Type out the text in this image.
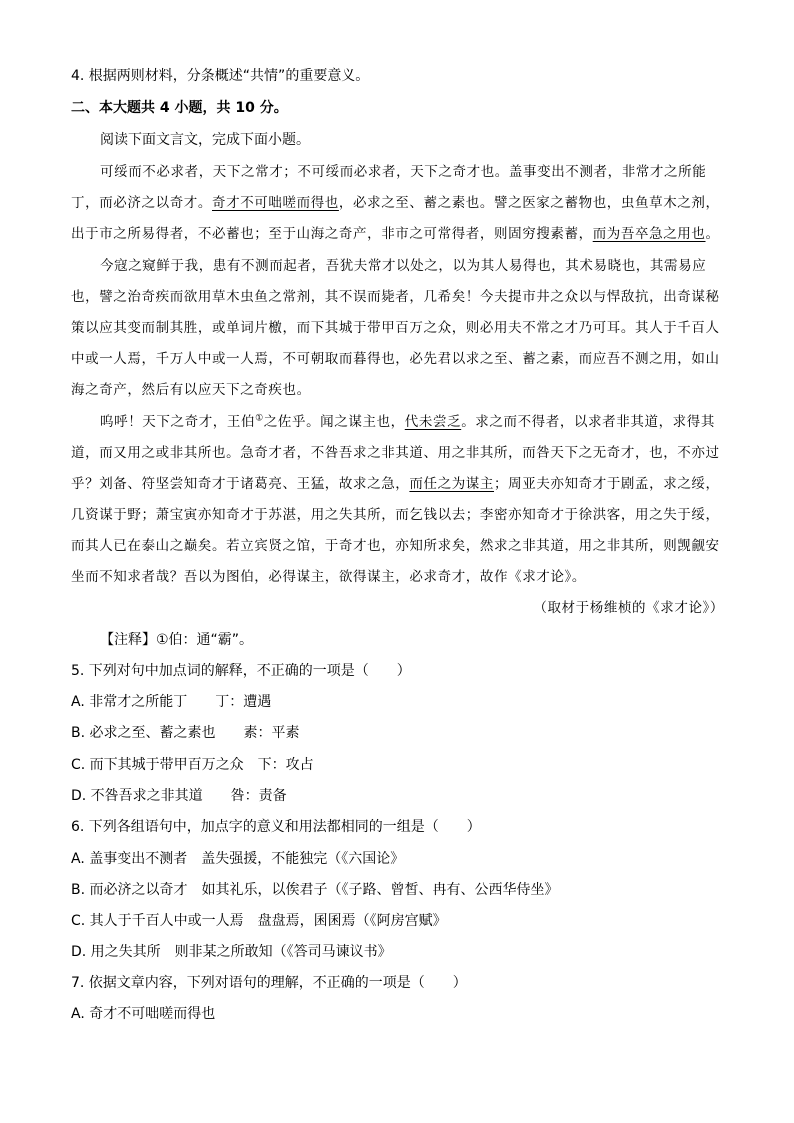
4. 根据两则材料，分条概述“共情”的重要意义。
二、本大题共 4 小题，共 10 分。
阅读下面文言文，完成下面小题。
可绥而不必求者，天下之常才；不可绥而必求者，天下之奇才也。盖事变出不测者，非常才之所能
丁，而必济之以奇才。奇才不可咄嗟而得也，必求之至、蓄之素也。譬之医家之蓄物也，虫鱼草木之剂，
出于市之所易得者，不必蓄也；至于山海之奇产，非市之可常得者，则固穷搜素蓄，而为吾卒急之用也。
今寇之窥鲜于我，患有不测而起者，吾犹夫常才以处之，以为其人易得也，其术易晓也，其需易应
也，譬之治奇疾而欲用草木虫鱼之常剂，其不误而毙者，几希矣！今夫提市井之众以与悍敌抗，出奇谋秘
策以应其变而制其胜，或单词片檄，而下其城于带甲百万之众，则必用夫不常之才乃可耳。其人于千百人
中或一人焉，千万人中或一人焉，不可朝取而暮得也，必先君以求之至、蓄之素，而应吾不测之用，如山
海之奇产，然后有以应天下之奇疾也。
呜呼！天下之奇才，王伯①之佐乎。闻之谋主也，代未尝乏。求之而不得者，以求者非其道，求得其
道，而又用之或非其所也。急奇才者，不咎吾求之非其道、用之非其所，而咎天下之无奇才，也，不亦过
乎？刘备、符坚尝知奇才于诸葛亮、王猛，故求之急，而任之为谋主；周亚夫亦知奇才于剧孟，求之绥，
几资谋于野；萧宝寅亦知奇才于苏湛，用之失其所，而乞钱以去；李密亦知奇才于徐洪客，用之失于绥，
而其人已在泰山之巅矣。若立宾贤之馆，于奇才也，亦知所求矣，然求之非其道，用之非其所，则觊觎安
坐而不知求者哉？吾以为图伯，必得谋主，欲得谋主，必求奇才，故作《求才论》。
（取材于杨维桢的《求才论》）
【注释】①伯：通“霸”。
5. 下列对句中加点词的解释，不正确的一项是（　　）
A. 非常才之所能丁　　丁：遭遇
B. 必求之至、蓄之素也　　素：平素
C. 而下其城于带甲百万之众　下：攻占
D. 不咎吾求之非其道　　咎：责备
6. 下列各组语句中，加点字的意义和用法都相同的一组是（　　）
A. 盖事变出不测者　盖失强援，不能独完（《六国论》
B. 而必济之以奇才　如其礼乐，以俟君子（《子路、曾皙、冉有、公西华侍坐》
C. 其人于千百人中或一人焉　盘盘焉，囷囷焉（《阿房宫赋》
D. 用之失其所　则非某之所敢知（《答司马谏议书》
7. 依据文章内容，下列对语句的理解，不正确的一项是（　　）
A. 奇才不可咄嗟而得也
